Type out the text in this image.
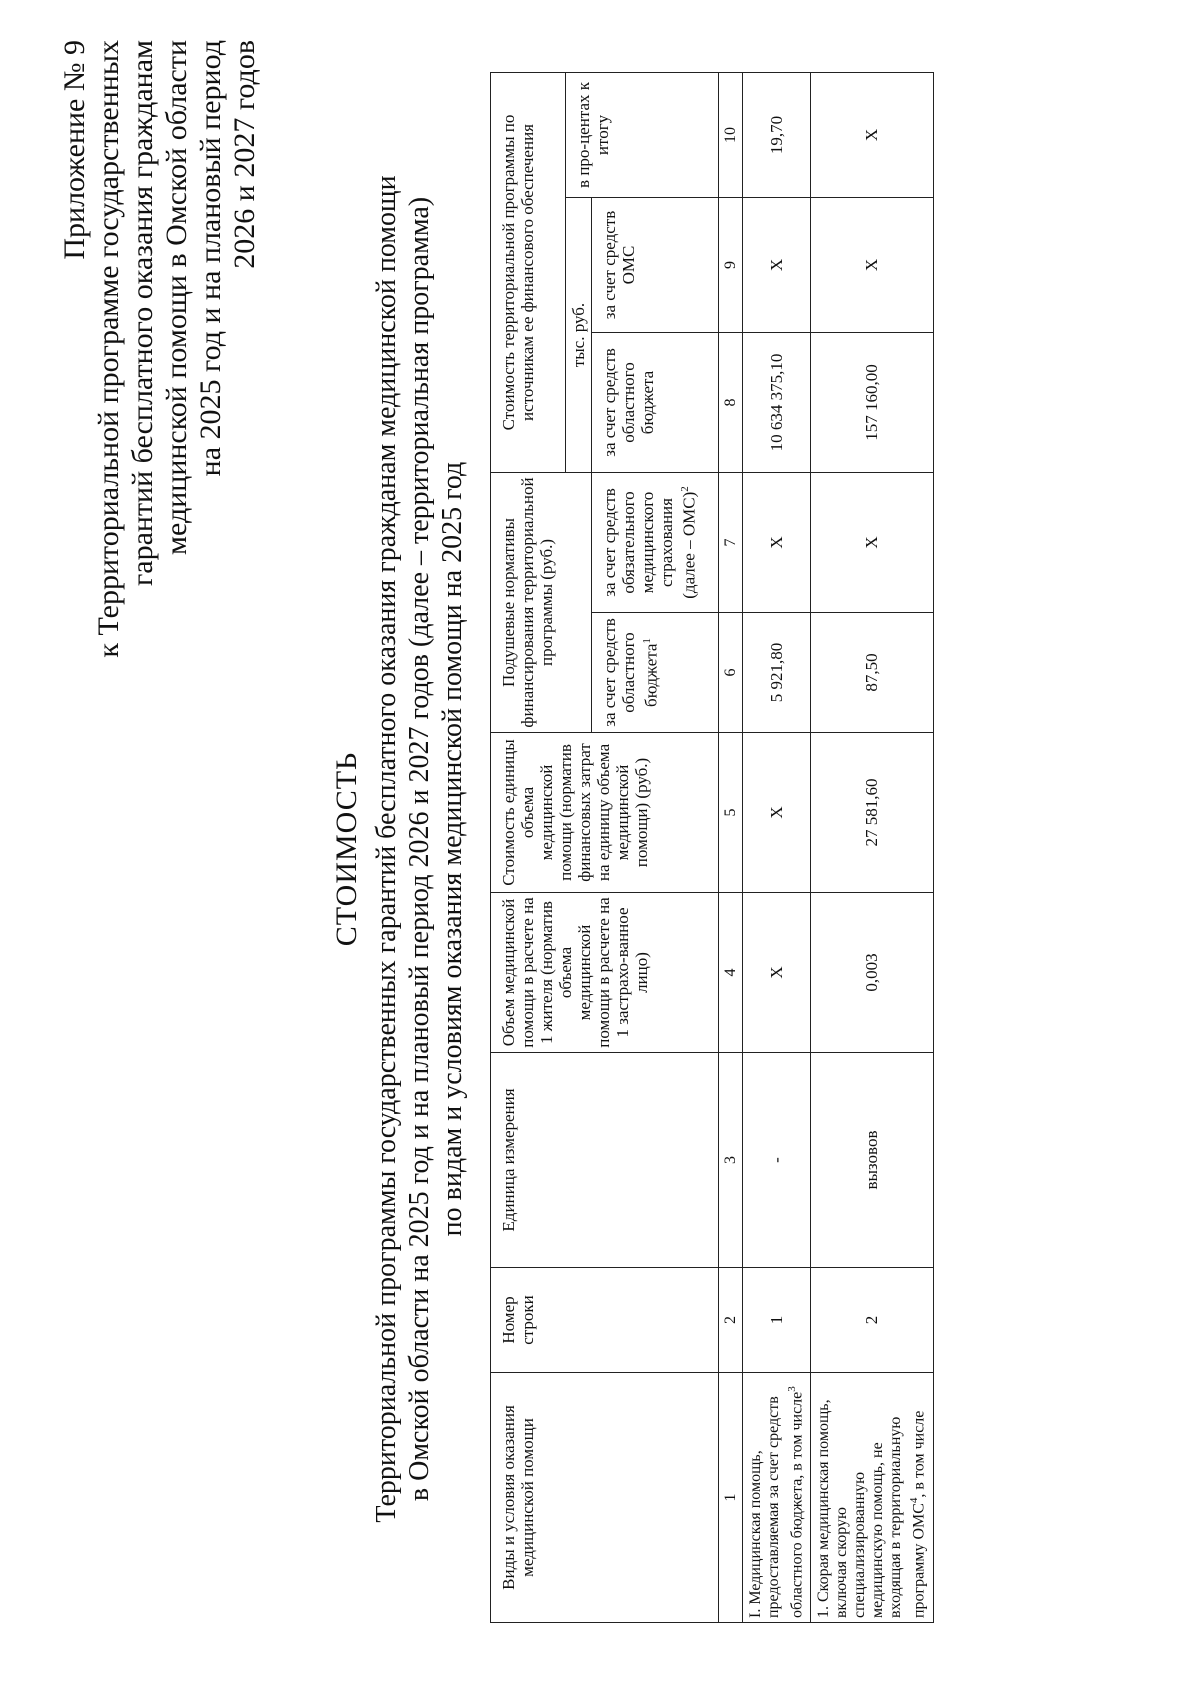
Приложение № 9 к Территориальной программе государственных гарантий бесплатного оказания гражданам медицинской помощи в Омской области на 2025 год и на плановый период 2026 и 2027 годов
СТОИМОСТЬ Территориальной программы государственных гарантий бесплатного оказания гражданам медицинской помощи в Омской области на 2025 год и на плановый период 2026 и 2027 годов (далее – территориальная программа) по видам и условиям оказания медицинской помощи на 2025 год
Виды и условия оказания медицинской помощи	Номер строки	Единица измерения	Объем медицинской помощи в расчете на 1 жителя (норматив объема медицинской помощи в расчете на 1 застрахо-ванное лицо)	Стоимость единицы объема медицинской помощи (норматив финансовых затрат на единицу объема медицинской помощи) (руб.)	Подушевые нормативы финансирования территориальной программы (руб.)		Стоимость территориальной программы по источникам ее финансового обеспечения		
							тыс. руб.		в про-центах к итогу
					за счет средств областного бюджета$^1$	за счет средств обязательного медицинского страхования (далее – ОМС)$^2$	за счет средств областного бюджета	за счет средств ОМС	
1	2	3	4	5	6	7	8	9	10
I. Медицинская помощь, предоставляемая за счет средств областного бюджета, в том числе$^3$	1	-	X	X	5 921,80	X	10 634 375,10	X	19,70
1. Скорая медицинская помощь, включая скорую специализированную медицинскую помощь, не входящая в территориальную программу ОМС$^4$, в том числе	2	вызовов	0,003	27 581,60	87,50	X	157 160,00	X	X
